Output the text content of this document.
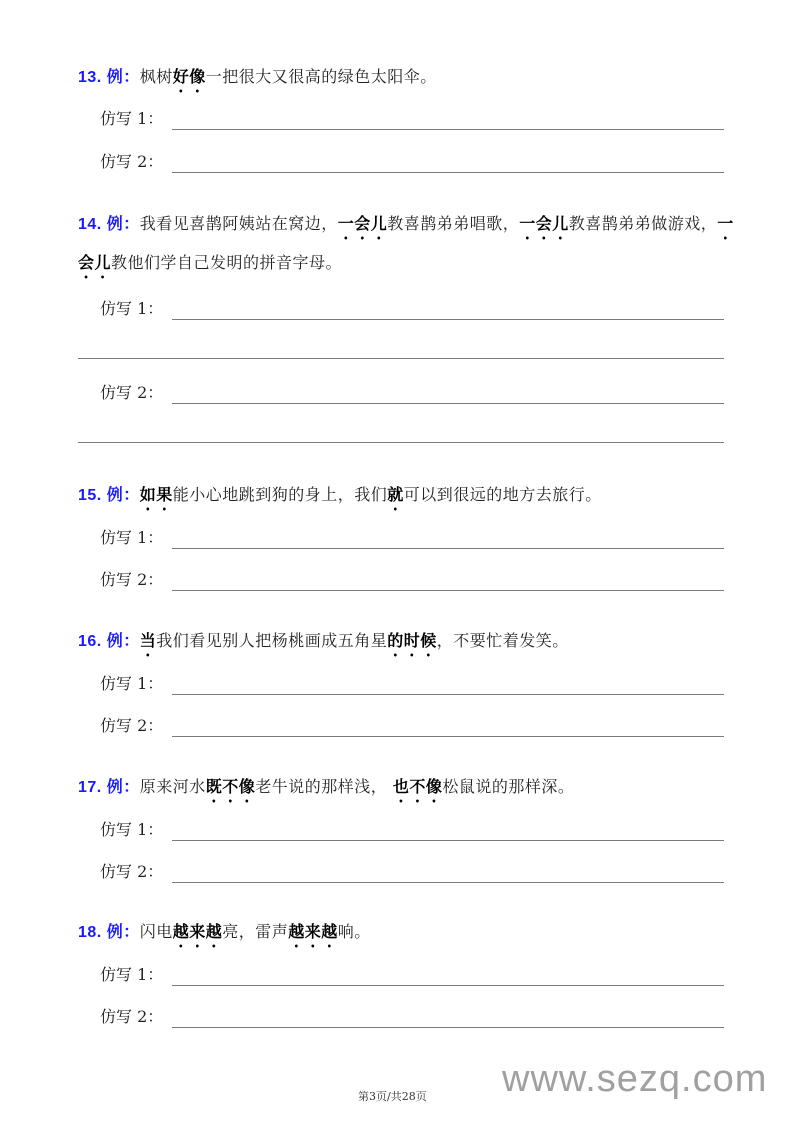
13. 例：枫树好像一把很大又很高的绿色太阳伞。
仿写 1：
仿写 2：
14. 例：我看见喜鹊阿姨站在窝边，一会儿教喜鹊弟弟唱歌，一会儿教喜鹊弟弟做游戏，一会儿教他们学自己发明的拼音字母。
仿写 1：
仿写 2：
15. 例：如果能小心地跳到狗的身上，我们就可以到很远的地方去旅行。
仿写 1：
仿写 2：
16. 例：当我们看见别人把杨桃画成五角星的时候，不要忙着发笑。
仿写 1：
仿写 2：
17. 例：原来河水既不像老牛说的那样浅， 也不像松鼠说的那样深。
仿写 1：
仿写 2：
18. 例：闪电越来越亮，雷声越来越响。
仿写 1：
仿写 2：
第3页/共28页 www.sezq.com
